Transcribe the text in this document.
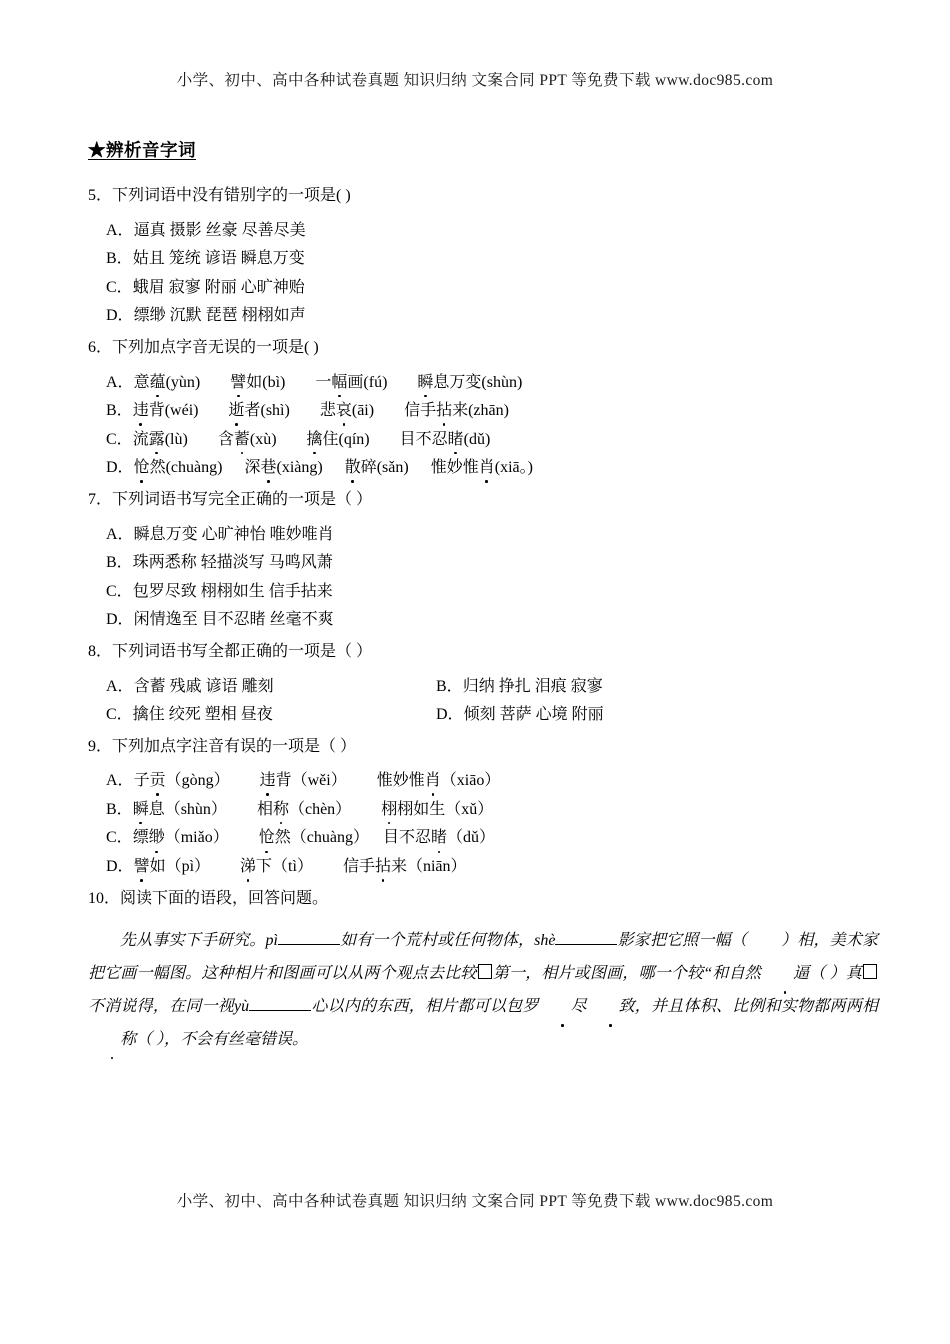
小学、初中、高中各种试卷真题 知识归纳 文案合同 PPT 等免费下载 www.doc985.com
★辨析音字词
5．下列词语中没有错别字的一项是( )
A．逼真 摄影 丝豪 尽善尽美
B．姑且 笼统 谚语 瞬息万变
C．蛾眉 寂寥 附丽 心旷神贻
D．缥缈 沉默 琵琶 栩栩如声
6．下列加点字音无误的一项是( )
A．意蕴(yùn) 譬如(bì) 一幅画(fú) 瞬息万变(shùn)
B．违背(wéi) 逝者(shì) 悲哀(āi) 信手拈来(zhān)
C．流露(lù) 含蓄(xù) 擒住(qín) 目不忍睹(dǔ)
D．怆然(chuàng) 深巷(xiàng) 散碎(sǎn) 惟妙惟肖(xiā。)
7．下列词语书写完全正确的一项是（ ）
A．瞬息万变 心旷神怡 唯妙唯肖
B．珠两悉称 轻描淡写 马鸣风萧
C．包罗尽致 栩栩如生 信手拈来
D．闲情逸至 目不忍睹 丝毫不爽
8．下列词语书写全都正确的一项是（ ）
A．含蓄 残戚 谚语 雕刻	B．归纳 挣扎 泪痕 寂寥
C．擒住 绞死 塑相 昼夜	D．倾刻 菩萨 心境 附丽
9．下列加点字注音有误的一项是（ ）
A．子贡（gòng） 违背（wěi） 惟妙惟肖（xiāo）
B．瞬息（shùn） 相称（chèn） 栩栩如生（xǔ）
C．缥缈（miǎo） 怆然（chuàng） 目不忍睹（dǔ）
D．譬如（pì） 涕下（tì） 信手拈来（niān）
10．阅读下面的语段，回答问题。
先从事实下手研究。pì	如有一个荒村或任何物体，shè	影家把它照一幅（ ）相，美术家把它画一幅图。这种相片和图画可以从两个观点去比较 第一，相片或图画，哪一个较“和自然 逼（ ）真不消说得，在同一视yù	心以内的东西，相片都可以包罗 尽 致，并且体积、比例和实物都两两相称（ ），不会有丝毫错误。
小学、初中、高中各种试卷真题 知识归纳 文案合同 PPT 等免费下载 www.doc985.com
